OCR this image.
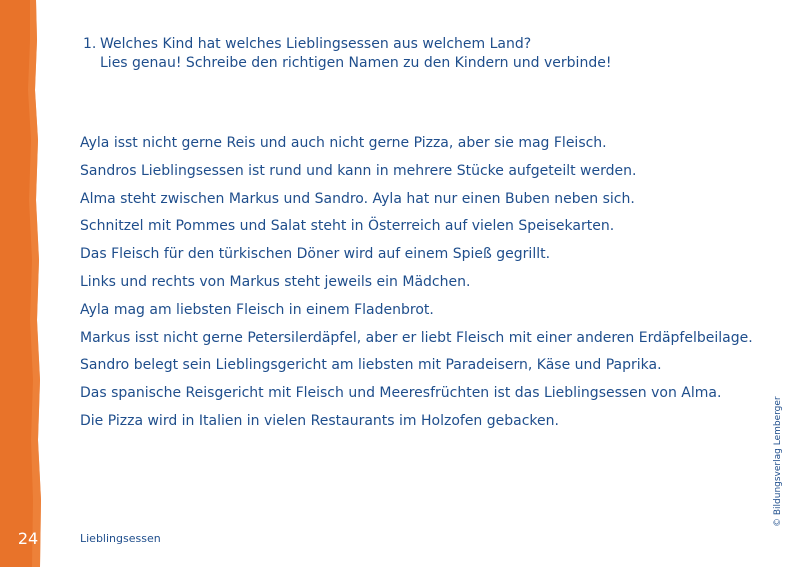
24
1. Welches Kind hat welches Lieblingsessen aus welchem Land?
Lies genau! Schreibe den richtigen Namen zu den Kindern und verbinde!
Ayla isst nicht gerne Reis und auch nicht gerne Pizza, aber sie mag Fleisch.
Sandros Lieblingsessen ist rund und kann in mehrere Stücke aufgeteilt werden.
Alma steht zwischen Markus und Sandro. Ayla hat nur einen Buben neben sich.
Schnitzel mit Pommes und Salat steht in Österreich auf vielen Speisekarten.
Das Fleisch für den türkischen Döner wird auf einem Spieß gegrillt.
Links und rechts von Markus steht jeweils ein Mädchen.
Ayla mag am liebsten Fleisch in einem Fladenbrot.
Markus isst nicht gerne Petersilerdäpfel, aber er liebt Fleisch mit einer anderen Erdäpfelbeilage.
Sandro belegt sein Lieblingsgericht am liebsten mit Paradeisern, Käse und Paprika.
Das spanische Reisgericht mit Fleisch und Meeresfrüchten ist das Lieblingsessen von Alma.
Die Pizza wird in Italien in vielen Restaurants im Holzofen gebacken.
Lieblingsessen
© Bildungsverlag Lemberger
